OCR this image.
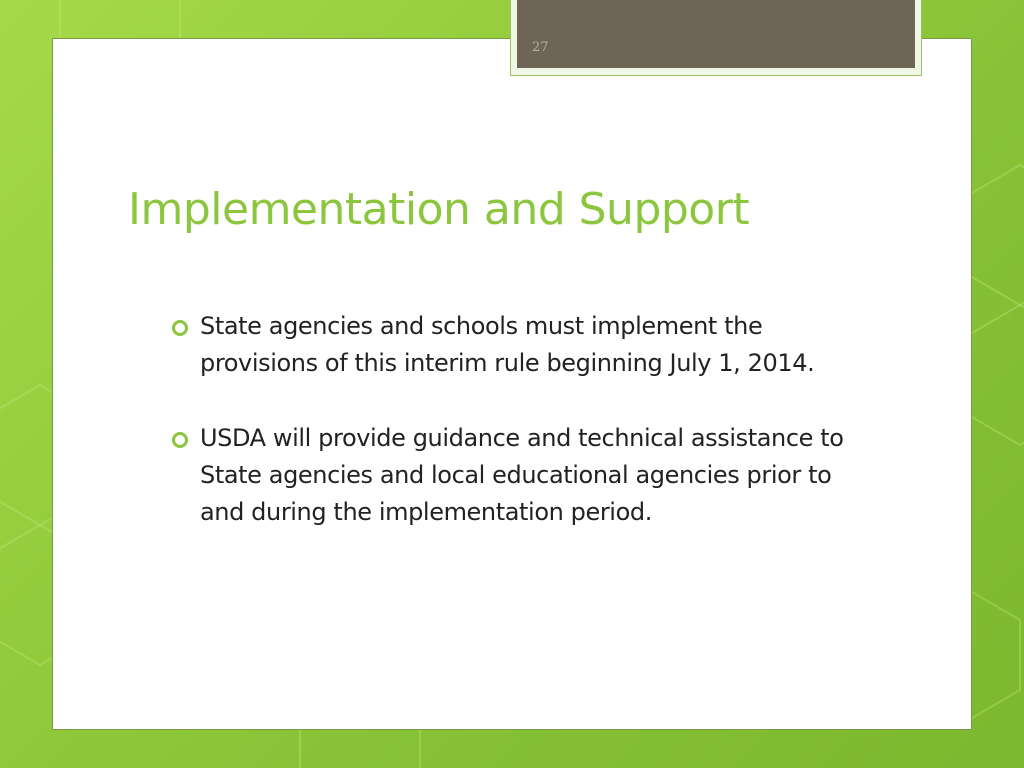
27
Implementation and Support
State agencies and schools must implement the provisions of this interim rule beginning July 1, 2014.
USDA will provide guidance and technical assistance to State agencies and local educational agencies prior to and during the implementation period.
